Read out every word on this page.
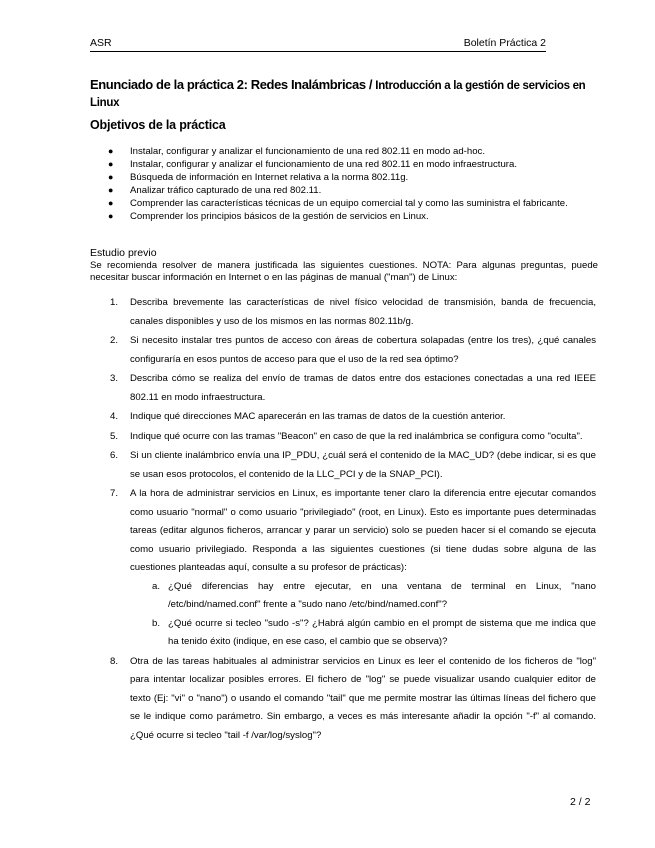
ASR	Boletín Práctica 2
Enunciado de la práctica 2: Redes Inalámbricas / Introducción a la gestión de servicios en Linux
Objetivos de la práctica
● Instalar, configurar y analizar el funcionamiento de una red 802.11 en modo ad-hoc.
● Instalar, configurar y analizar el funcionamiento de una red 802.11 en modo infraestructura.
● Búsqueda de información en Internet relativa a la norma 802.11g.
● Analizar tráfico capturado de una red 802.11.
● Comprender las características técnicas de un equipo comercial tal y como las suministra el fabricante.
● Comprender los principios básicos de la gestión de servicios en Linux.
Estudio previo
Se recomienda resolver de manera justificada las siguientes cuestiones. NOTA: Para algunas preguntas, puede necesitar buscar información en Internet o en las páginas de manual ("man") de Linux:
1. Describa brevemente las características de nivel físico velocidad de transmisión, banda de frecuencia, canales disponibles y uso de los mismos en las normas 802.11b/g.
2. Si necesito instalar tres puntos de acceso con áreas de cobertura solapadas (entre los tres), ¿qué canales configuraría en esos puntos de acceso para que el uso de la red sea óptimo?
3. Describa cómo se realiza del envío de tramas de datos entre dos estaciones conectadas a una red IEEE 802.11 en modo infraestructura.
4. Indique qué direcciones MAC aparecerán en las tramas de datos de la cuestión anterior.
5. Indique qué ocurre con las tramas "Beacon" en caso de que la red inalámbrica se configura como "oculta".
6. Si un cliente inalámbrico envía una IP_PDU, ¿cuál será el contenido de la MAC_UD? (debe indicar, si es que se usan esos protocolos, el contenido de la LLC_PCI y de la SNAP_PCI).
7. A la hora de administrar servicios en Linux, es importante tener claro la diferencia entre ejecutar comandos como usuario "normal" o como usuario "privilegiado" (root, en Linux). Esto es importante pues determinadas tareas (editar algunos ficheros, arrancar y parar un servicio) solo se pueden hacer si el comando se ejecuta como usuario privilegiado. Responda a las siguientes cuestiones (si tiene dudas sobre alguna de las cuestiones planteadas aquí, consulte a su profesor de prácticas):
a. ¿Qué diferencias hay entre ejecutar, en una ventana de terminal en Linux, "nano /etc/bind/named.conf" frente a "sudo nano /etc/bind/named.conf"?
b. ¿Qué ocurre si tecleo "sudo -s"? ¿Habrá algún cambio en el prompt de sistema que me indica que ha tenido éxito (indique, en ese caso, el cambio que se observa)?
8. Otra de las tareas habituales al administrar servicios en Linux es leer el contenido de los ficheros de "log" para intentar localizar posibles errores. El fichero de "log" se puede visualizar usando cualquier editor de texto (Ej: "vi" o "nano") o usando el comando "tail" que me permite mostrar las últimas líneas del fichero que se le indique como parámetro. Sin embargo, a veces es más interesante añadir la opción "-f" al comando. ¿Qué ocurre si tecleo "tail -f /var/log/syslog"?
2 / 2
